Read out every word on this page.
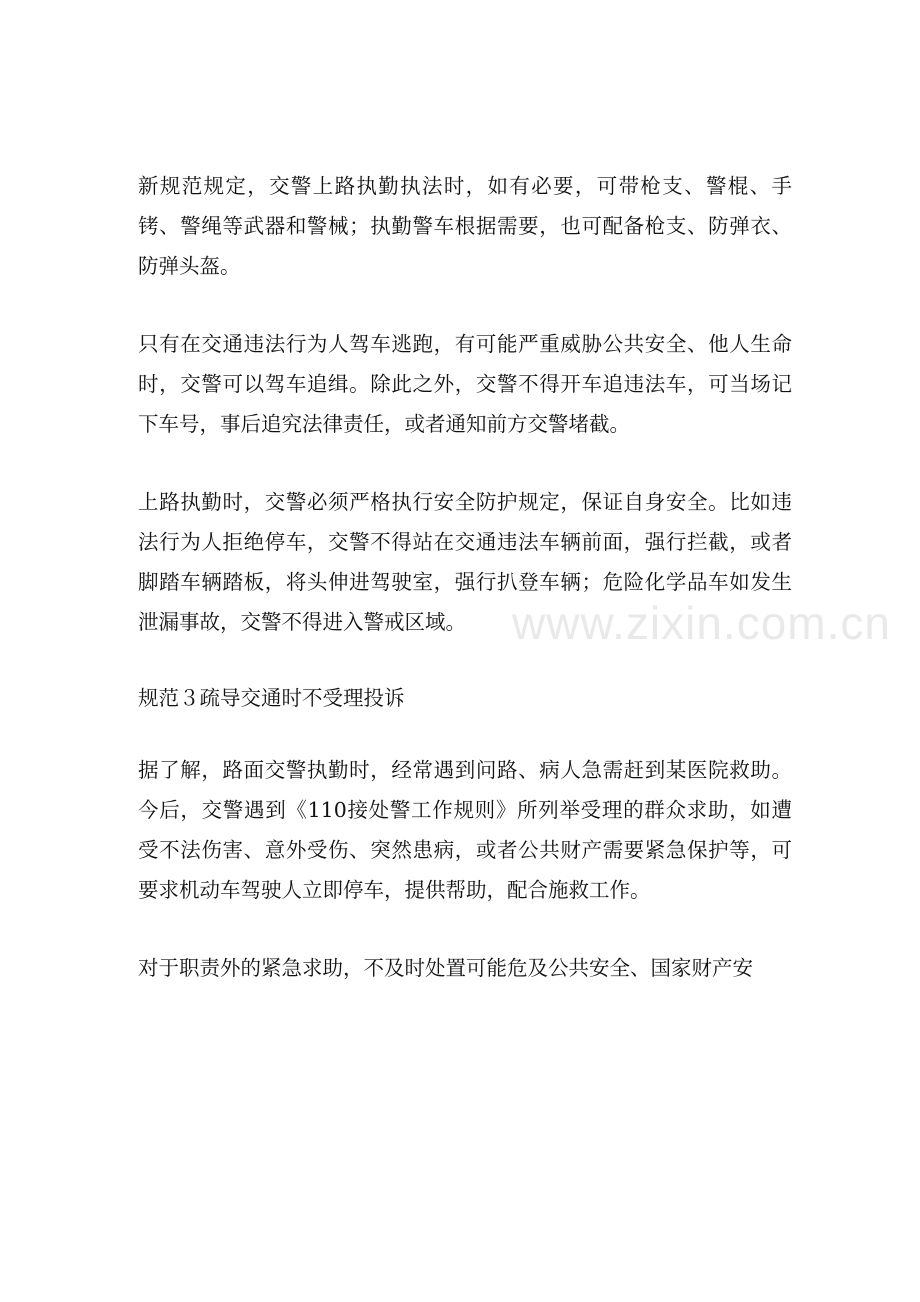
新规范规定，交警上路执勤执法时，如有必要，可带枪支、警棍、手铐、警绳等武器和警械；执勤警车根据需要，也可配备枪支、防弹衣、防弹头盔。

只有在交通违法行为人驾车逃跑，有可能严重威胁公共安全、他人生命时，交警可以驾车追缉。除此之外，交警不得开车追违法车，可当场记下车号，事后追究法律责任，或者通知前方交警堵截。

上路执勤时，交警必须严格执行安全防护规定，保证自身安全。比如违法行为人拒绝停车，交警不得站在交通违法车辆前面，强行拦截，或者脚踏车辆踏板，将头伸进驾驶室，强行扒登车辆；危险化学品车如发生泄漏事故，交警不得进入警戒区域。

规范３疏导交通时不受理投诉

据了解，路面交警执勤时，经常遇到问路、病人急需赶到某医院救助。今后，交警遇到《110接处警工作规则》所列举受理的群众求助，如遭受不法伤害、意外受伤、突然患病，或者公共财产需要紧急保护等，可要求机动车驾驶人立即停车，提供帮助，配合施救工作。

对于职责外的紧急求助，不及时处置可能危及公共安全、国家财产安

www.zixin.com.cn
